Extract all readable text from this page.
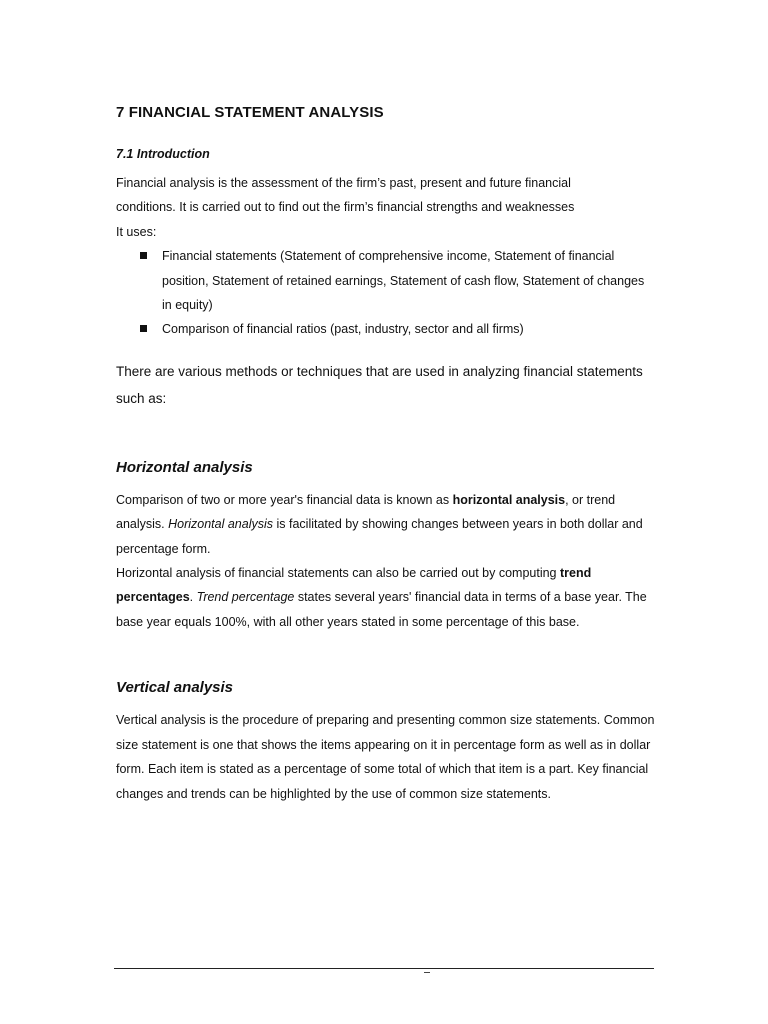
7 FINANCIAL STATEMENT ANALYSIS
7.1 Introduction

Financial analysis is the assessment of the firm’s past, present and future financial
conditions. It is carried out to find out the firm’s financial strengths and weaknesses
It uses:

Financial statements (Statement of comprehensive income, Statement of financial position, Statement of retained earnings, Statement of cash flow, Statement of changes in equity)
Comparison of financial ratios (past, industry, sector and all firms)

There are various methods or techniques that are used in analyzing financial statements such as:

Horizontal analysis

Comparison of two or more year's financial data is known as horizontal analysis, or trend analysis. Horizontal analysis is facilitated by showing changes between years in both dollar and percentage form.

Horizontal analysis of financial statements can also be carried out by computing trend percentages. Trend percentage states several years' financial data in terms of a base year. The base year equals 100%, with all other years stated in some percentage of this base.

Vertical analysis

Vertical analysis is the procedure of preparing and presenting common size statements. Common size statement is one that shows the items appearing on it in percentage form as well as in dollar form. Each item is stated as a percentage of some total of which that item is a part. Key financial changes and trends can be highlighted by the use of common size statements.
